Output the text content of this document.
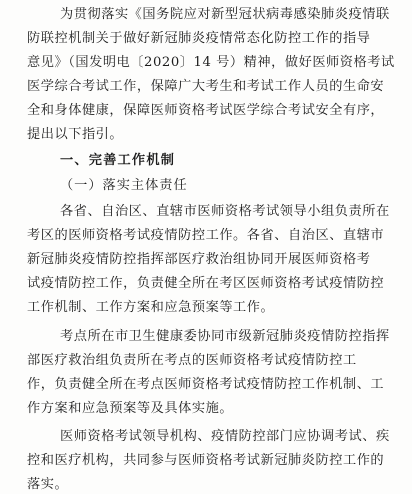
为贯彻落实《国务院应对新型冠状病毒感染肺炎疫情联
防联控机制关于做好新冠肺炎疫情常态化防控工作的指导
意见》（国发明电〔2020〕14 号）精神，做好医师资格考试
医学综合考试工作，保障广大考生和考试工作人员的生命安
全和身体健康，保障医师资格考试医学综合考试安全有序，
提出以下指引。
一、完善工作机制
（一）落实主体责任
各省、自治区、直辖市医师资格考试领导小组负责所在
考区的医师资格考试疫情防控工作。各省、自治区、直辖市
新冠肺炎疫情防控指挥部医疗救治组协同开展医师资格考
试疫情防控工作，负责健全所在考区医师资格考试疫情防控
工作机制、工作方案和应急预案等工作。
考点所在市卫生健康委协同市级新冠肺炎疫情防控指挥
部医疗救治组负责所在考点的医师资格考试疫情防控工
作，负责健全所在考点医师资格考试疫情防控工作机制、工
作方案和应急预案等及具体实施。
医师资格考试领导机构、疫情防控部门应协调考试、疾
控和医疗机构，共同参与医师资格考试新冠肺炎防控工作的
落实。
